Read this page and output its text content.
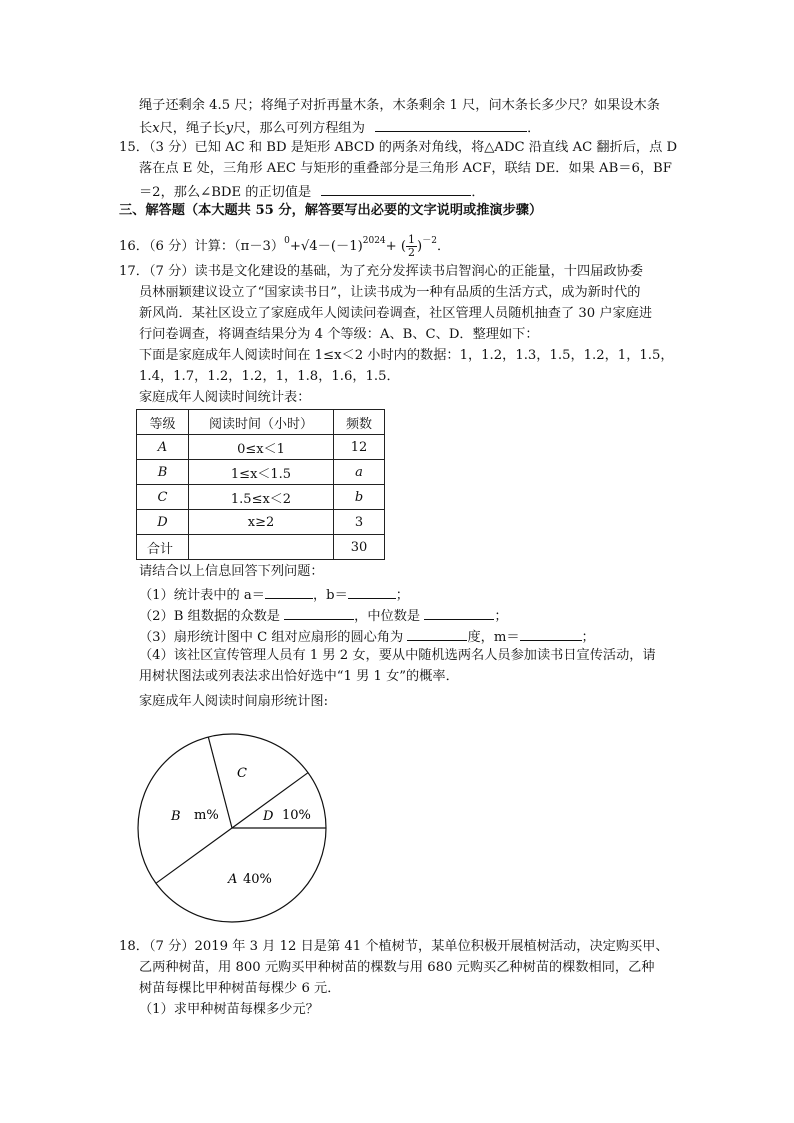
绳子还剩余 4.5 尺；将绳子对折再量木条，木条剩余 1 尺，问木条长多少尺？如果设木条
长x尺，绳子长y尺，那么可列方程组为	．
15．（3 分）已知 AC 和 BD 是矩形 ABCD 的两条对角线，将△ADC 沿直线 AC 翻折后，点 D
落在点 E 处，三角形 AEC 与矩形的重叠部分是三角形 ACF，联结 DE．如果 AB＝6，BF
＝2，那么∠BDE 的正切值是	．
三、解答题（本大题共 55 分，解答要写出必要的文字说明或推演步骤）
16．（6 分）计算：$(\pi-3)^0+√4-(-1)^{2024}+$ ( $\frac{1}{2} )^{-2}$．
17．（7 分）读书是文化建设的基础，为了充分发挥读书启智润心的正能量，十四届政协委
员林丽颖建议设立了“国家读书日”，让读书成为一种有品质的生活方式，成为新时代的
新风尚．某社区设立了家庭成年人阅读问卷调查，社区管理人员随机抽查了 30 户家庭进
行问卷调查，将调查结果分为 4 个等级：A、B、C、D．整理如下：
下面是家庭成年人阅读时间在 1≤x＜2 小时内的数据：1，1.2，1.3，1.5，1.2，1，1.5，
1.4，1.7，1.2，1.2，1，1.8，1.6，1.5．
家庭成年人阅读时间统计表：
等级	阅读时间（小时）	频数
A	0≤x＜1	12
B	1≤x＜1.5	a
C	1.5≤x＜2	b
D	x≥2	3
合计		30
请结合以上信息回答下列问题：
（1）统计表中的 a＝	，b＝	；
（2）B 组数据的众数是	，中位数是	；
（3）扇形统计图中 C 组对应扇形的圆心角为	度，m＝	；
（4）该社区宣传管理人员有 1 男 2 女，要从中随机选两名人员参加读书日宣传活动，请
用树状图法或列表法求出恰好选中“1 男 1 女”的概率．
家庭成年人阅读时间扇形统计图:
C
B m%	D 10%
A 40%
18．（7 分）2019 年 3 月 12 日是第 41 个植树节，某单位积极开展植树活动，决定购买甲、
乙两种树苗，用 800 元购买甲种树苗的棵数与用 680 元购买乙种树苗的棵数相同，乙种
树苗每棵比甲种树苗每棵少 6 元．
（1）求甲种树苗每棵多少元？
